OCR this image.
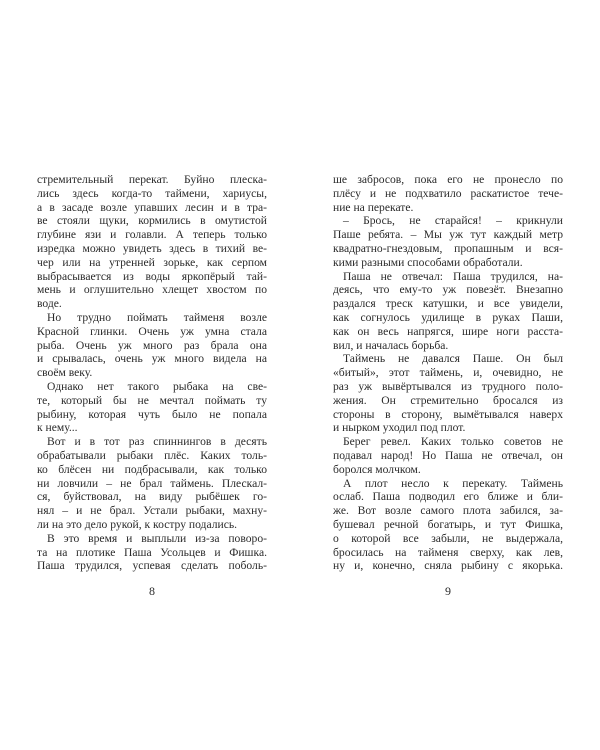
стремительный перекат. Буйно плеска-
лись здесь когда-то таймени, хариусы,
а в засаде возле упавших лесин и в тра-
ве стояли щуки, кормились в омутистой
глубине язи и голавли. А теперь только
изредка можно увидеть здесь в тихий ве-
чер или на утренней зорьке, как серпом
выбрасывается из воды яркопёрый тай-
мень и оглушительно хлещет хвостом по
воде.
Но трудно поймать тайменя возле
Красной глинки. Очень уж умна стала
рыба. Очень уж много раз брала она
и срывалась, очень уж много видела на
своём веку.
Однако нет такого рыбака на све-
те, который бы не мечтал поймать ту
рыбину, которая чуть было не попала
к нему...
Вот и в тот раз спиннингов в десять
обрабатывали рыбаки плёс. Каких толь-
ко блёсен ни подбрасывали, как только
ни ловчили – не брал таймень. Плескал-
ся, буйствовал, на виду рыбёшек го-
нял – и не брал. Устали рыбаки, махну-
ли на это дело рукой, к костру подались.
В это время и выплыли из-за поворо-
та на плотике Паша Усольцев и Фишка.
Паша трудился, успевая сделать поболь-
8
ше забросов, пока его не пронесло по
плёсу и не подхватило раскатистое тече-
ние на перекате.
– Брось, не старайся! – крикнули
Паше ребята. – Мы уж тут каждый метр
квадратно-гнездовым, пропашным и вся-
кими разными способами обработали.
Паша не отвечал: Паша трудился, на-
деясь, что ему-то уж повезёт. Внезапно
раздался треск катушки, и все увидели,
как согнулось удилище в руках Паши,
как он весь напрягся, шире ноги расста-
вил, и началась борьба.
Таймень не давался Паше. Он был
«битый», этот таймень, и, очевидно, не
раз уж вывёртывался из трудного поло-
жения. Он стремительно бросался из
стороны в сторону, вымётывался наверх
и нырком уходил под плот.
Берег ревел. Каких только советов не
подавал народ! Но Паша не отвечал, он
боролся молчком.
А плот несло к перекату. Таймень
ослаб. Паша подводил его ближе и бли-
же. Вот возле самого плота забился, за-
бушевал речной богатырь, и тут Фишка,
о которой все забыли, не выдержала,
бросилась на тайменя сверху, как лев,
ну и, конечно, сняла рыбину с якорька.
9
